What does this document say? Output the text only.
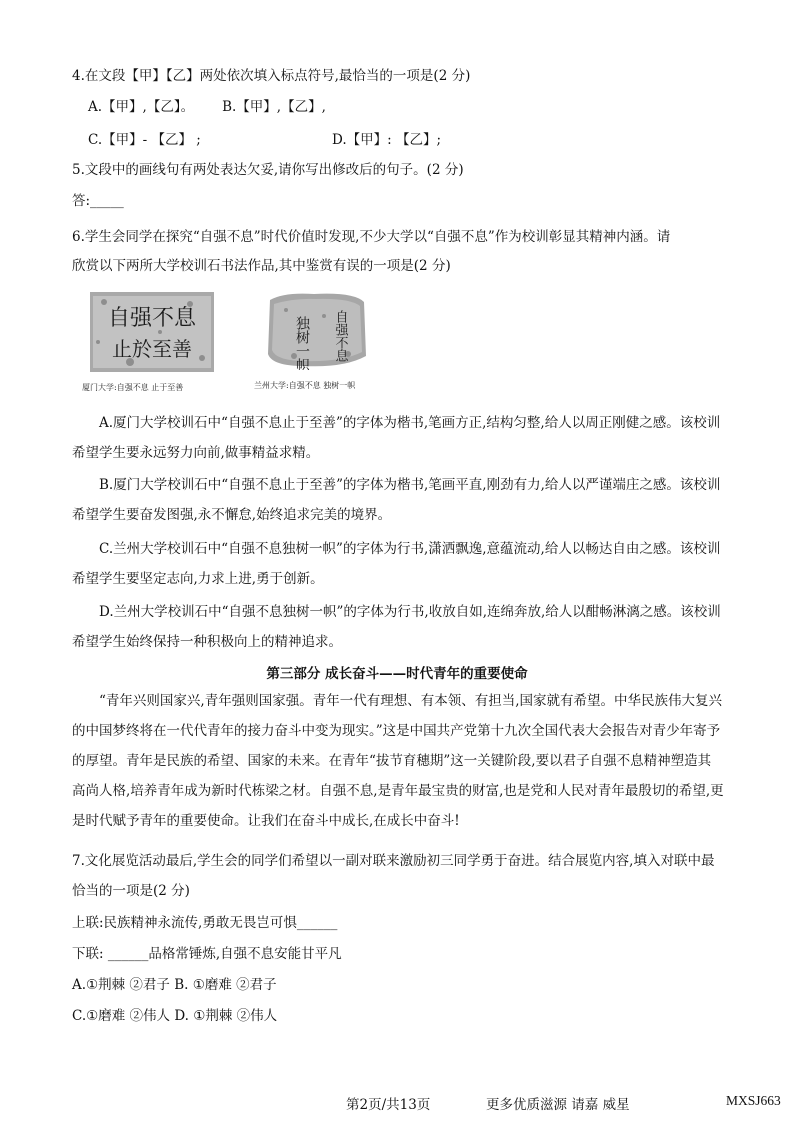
4.在文段【甲】【乙】两处依次填入标点符号,最恰当的一项是(2 分)
A.【甲】,【乙】。 B.【甲】,【乙】,
C.【甲】- 【乙】 ;	D.【甲】: 【乙】;
5.文段中的画线句有两处表达欠妥,请你写出修改后的句子。(2 分)
答:_____
6.学生会同学在探究“自强不息”时代价值时发现,不少大学以“自强不息”作为校训彰显其精神内涵。请
欣赏以下两所大学校训石书法作品,其中鉴赏有误的一项是(2 分)
自强不息
止於至善
厦门大学:自强不息 止于至善
自强不息
独树一帜
兰州大学:自强不息 独树一帜
A.厦门大学校训石中“自强不息止于至善”的字体为楷书,笔画方正,结构匀整,给人以周正刚健之感。该校训希望学生要永远努力向前,做事精益求精。
B.厦门大学校训石中“自强不息止于至善”的字体为楷书,笔画平直,刚劲有力,给人以严谨端庄之感。该校训希望学生要奋发图强,永不懈怠,始终追求完美的境界。
C.兰州大学校训石中“自强不息独树一帜”的字体为行书,潇洒飘逸,意蕴流动,给人以畅达自由之感。该校训希望学生要坚定志向,力求上进,勇于创新。
D.兰州大学校训石中“自强不息独树一帜”的字体为行书,收放自如,连绵奔放,给人以酣畅淋漓之感。该校训希望学生始终保持一种积极向上的精神追求。
第三部分 成长奋斗——时代青年的重要使命
“青年兴则国家兴,青年强则国家强。青年一代有理想、有本领、有担当,国家就有希望。中华民族伟大复兴的中国梦终将在一代代青年的接力奋斗中变为现实。”这是中国共产党第十九次全国代表大会报告对青少年寄予的厚望。青年是民族的希望、国家的未来。在青年“拔节育穗期”这一关键阶段,要以君子自强不息精神塑造其高尚人格,培养青年成为新时代栋梁之材。自强不息,是青年最宝贵的财富,也是党和人民对青年最殷切的希望,更是时代赋予青年的重要使命。让我们在奋斗中成长,在成长中奋斗!
7.文化展览活动最后,学生会的同学们希望以一副对联来激励初三同学勇于奋进。结合展览内容,填入对联中最恰当的一项是(2 分)
上联:民族精神永流传,勇敢无畏岂可惧______
下联: ______品格常锤炼,自强不息安能甘平凡
A.①荆棘 ②君子 B. ①磨难 ②君子
C.①磨难 ②伟人 D. ①荆棘 ②伟人
第2页/共13页	更多优质滋源 请嘉 威星	MXSJ663
